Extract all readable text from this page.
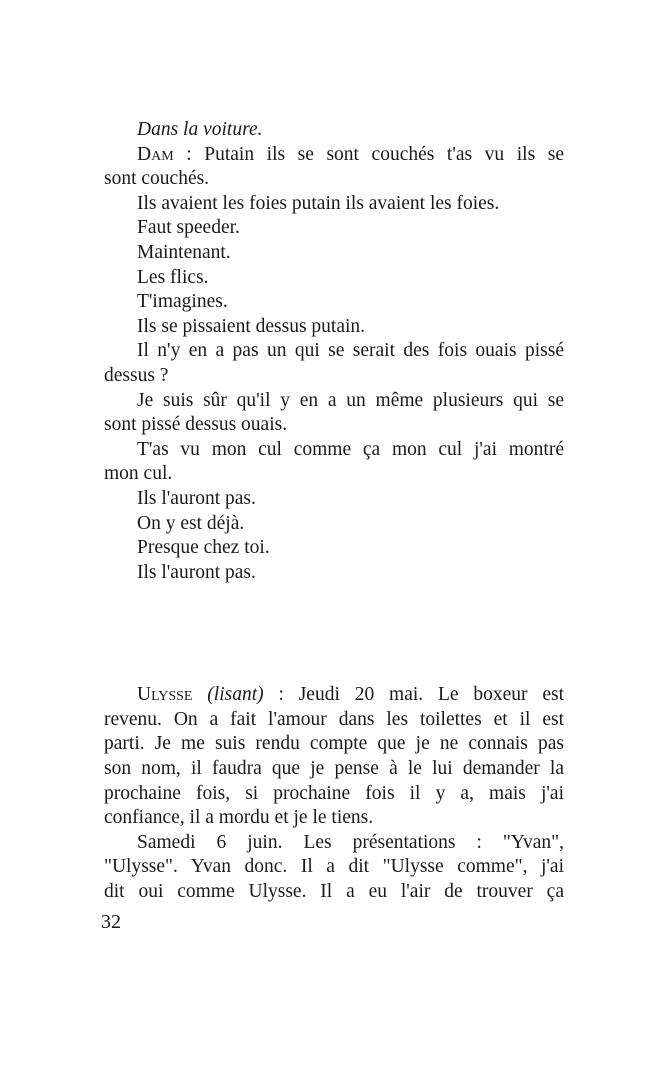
Dans la voiture.
Dam : Putain ils se sont couchés t'as vu ils se
sont couchés.
Ils avaient les foies putain ils avaient les foies.
Faut speeder.
Maintenant.
Les flics.
T'imagines.
Ils se pissaient dessus putain.
Il n'y en a pas un qui se serait des fois ouais pissé
dessus ?
Je suis sûr qu'il y en a un même plusieurs qui se
sont pissé dessus ouais.
T'as vu mon cul comme ça mon cul j'ai montré
mon cul.
Ils l'auront pas.
On y est déjà.
Presque chez toi.
Ils l'auront pas.
Ulysse (lisant) : Jeudi 20 mai. Le boxeur est
revenu. On a fait l'amour dans les toilettes et il est
parti. Je me suis rendu compte que je ne connais pas
son nom, il faudra que je pense à le lui demander la
prochaine fois, si prochaine fois il y a, mais j'ai
confiance, il a mordu et je le tiens.
Samedi 6 juin. Les présentations : "Yvan",
"Ulysse". Yvan donc. Il a dit "Ulysse comme", j'ai
dit oui comme Ulysse. Il a eu l'air de trouver ça
32
